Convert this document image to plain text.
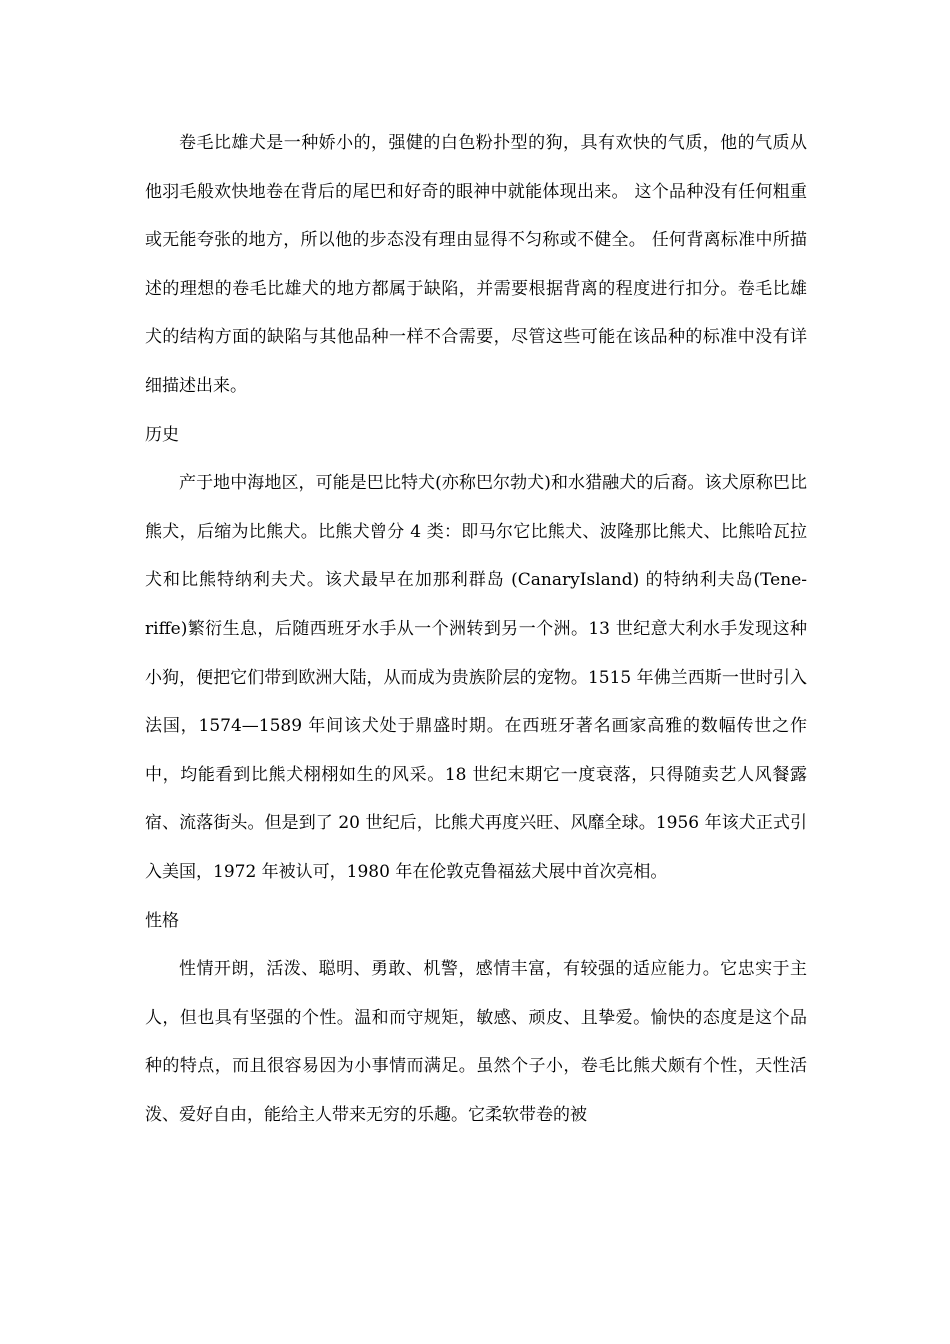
卷毛比雄犬是一种娇小的，强健的白色粉扑型的狗，具有欢快的气质，他的气质从他羽毛般欢快地卷在背后的尾巴和好奇的眼神中就能体现出来。 这个品种没有任何粗重或无能夸张的地方，所以他的步态没有理由显得不匀称或不健全。 任何背离标准中所描述的理想的卷毛比雄犬的地方都属于缺陷，并需要根据背离的程度进行扣分。卷毛比雄犬的结构方面的缺陷与其他品种一样不合需要，尽管这些可能在该品种的标准中没有详细描述出来。

历史

产于地中海地区，可能是巴比特犬(亦称巴尔勃犬)和水猎融犬的后裔。该犬原称巴比熊犬，后缩为比熊犬。比熊犬曾分 4 类：即马尔它比熊犬、波隆那比熊犬、比熊哈瓦拉犬和比熊特纳利夫犬。该犬最早在加那利群岛 (CanaryIsland) 的特纳利夫岛(Tene-riffe)繁衍生息，后随西班牙水手从一个洲转到另一个洲。13 世纪意大利水手发现这种小狗，便把它们带到欧洲大陆，从而成为贵族阶层的宠物。1515 年佛兰西斯一世时引入法国，1574—1589 年间该犬处于鼎盛时期。在西班牙著名画家高雅的数幅传世之作中，均能看到比熊犬栩栩如生的风采。18 世纪末期它一度衰落，只得随卖艺人风餐露宿、流落街头。但是到了 20 世纪后，比熊犬再度兴旺、风靡全球。1956 年该犬正式引入美国，1972 年被认可，1980 年在伦敦克鲁福兹犬展中首次亮相。

性格

性情开朗，活泼、聪明、勇敢、机警，感情丰富，有较强的适应能力。它忠实于主人，但也具有坚强的个性。温和而守规矩，敏感、顽皮、且挚爱。愉快的态度是这个品种的特点，而且很容易因为小事情而满足。虽然个子小，卷毛比熊犬颇有个性，天性活泼、爱好自由，能给主人带来无穷的乐趣。它柔软带卷的被
